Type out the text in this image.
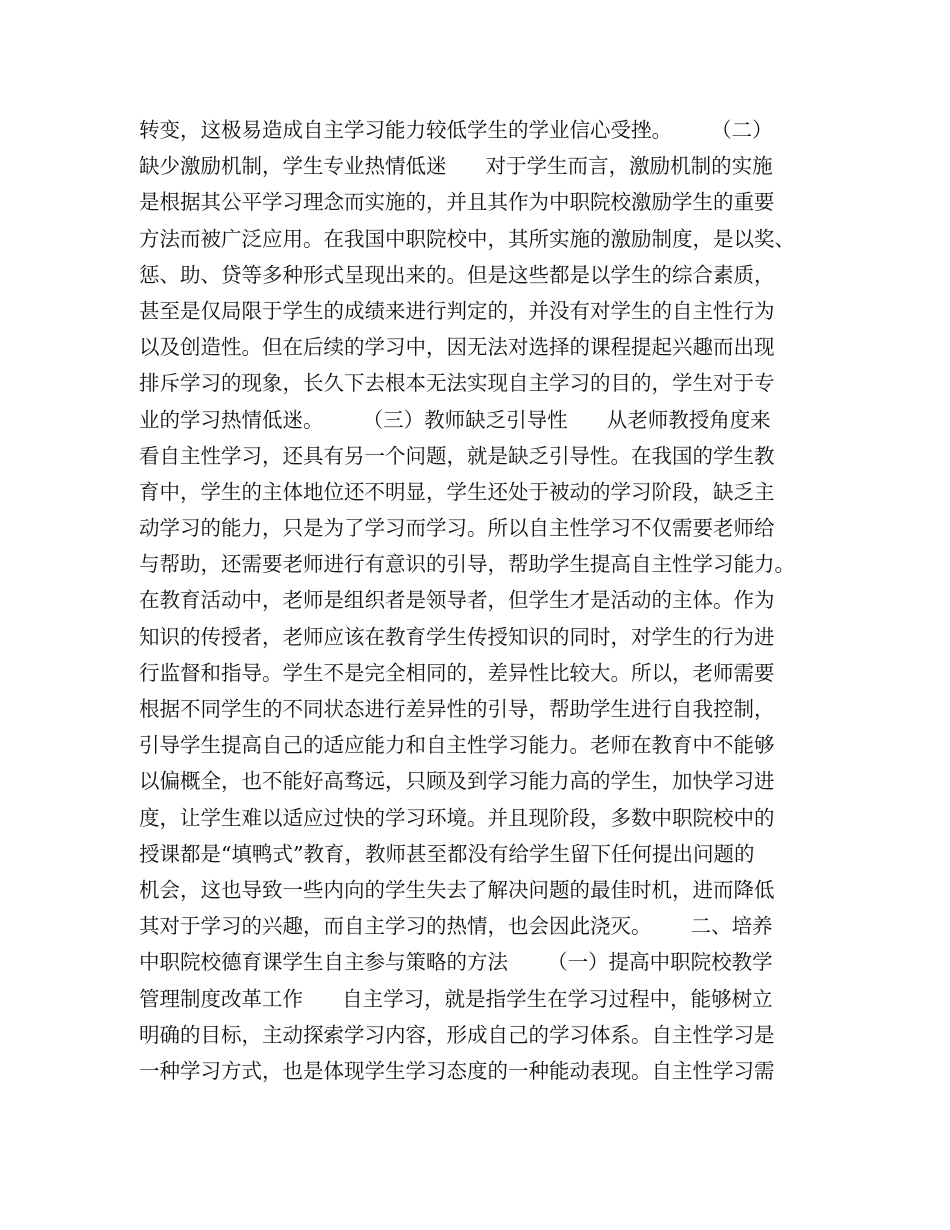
转变，这极易造成自主学习能力较低学生的学业信心受挫。      （二）
缺少激励机制，学生专业热情低迷      对于学生而言，激励机制的实施
是根据其公平学习理念而实施的，并且其作为中职院校激励学生的重要
方法而被广泛应用。在我国中职院校中，其所实施的激励制度，是以奖、
惩、助、贷等多种形式呈现出来的。但是这些都是以学生的综合素质，
甚至是仅局限于学生的成绩来进行判定的，并没有对学生的自主性行为
以及创造性。但在后续的学习中，因无法对选择的课程提起兴趣而出现
排斥学习的现象，长久下去根本无法实现自主学习的目的，学生对于专
业的学习热情低迷。      （三）教师缺乏引导性      从老师教授角度来
看自主性学习，还具有另一个问题，就是缺乏引导性。在我国的学生教
育中，学生的主体地位还不明显，学生还处于被动的学习阶段，缺乏主
动学习的能力，只是为了学习而学习。所以自主性学习不仅需要老师给
与帮助，还需要老师进行有意识的引导，帮助学生提高自主性学习能力。
在教育活动中，老师是组织者是领导者，但学生才是活动的主体。作为
知识的传授者，老师应该在教育学生传授知识的同时，对学生的行为进
行监督和指导。学生不是完全相同的，差异性比较大。所以，老师需要
根据不同学生的不同状态进行差异性的引导，帮助学生进行自我控制，
引导学生提高自己的适应能力和自主性学习能力。老师在教育中不能够
以偏概全，也不能好高骛远，只顾及到学习能力高的学生，加快学习进
度，让学生难以适应过快的学习环境。并且现阶段，多数中职院校中的
授课都是“填鸭式”教育，教师甚至都没有给学生留下任何提出问题的
机会，这也导致一些内向的学生失去了解决问题的最佳时机，进而降低
其对于学习的兴趣，而自主学习的热情，也会因此浇灭。      二、培养
中职院校德育课学生自主参与策略的方法      （一）提高中职院校教学
管理制度改革工作      自主学习，就是指学生在学习过程中，能够树立
明确的目标，主动探索学习内容，形成自己的学习体系。自主性学习是
一种学习方式，也是体现学生学习态度的一种能动表现。自主性学习需
